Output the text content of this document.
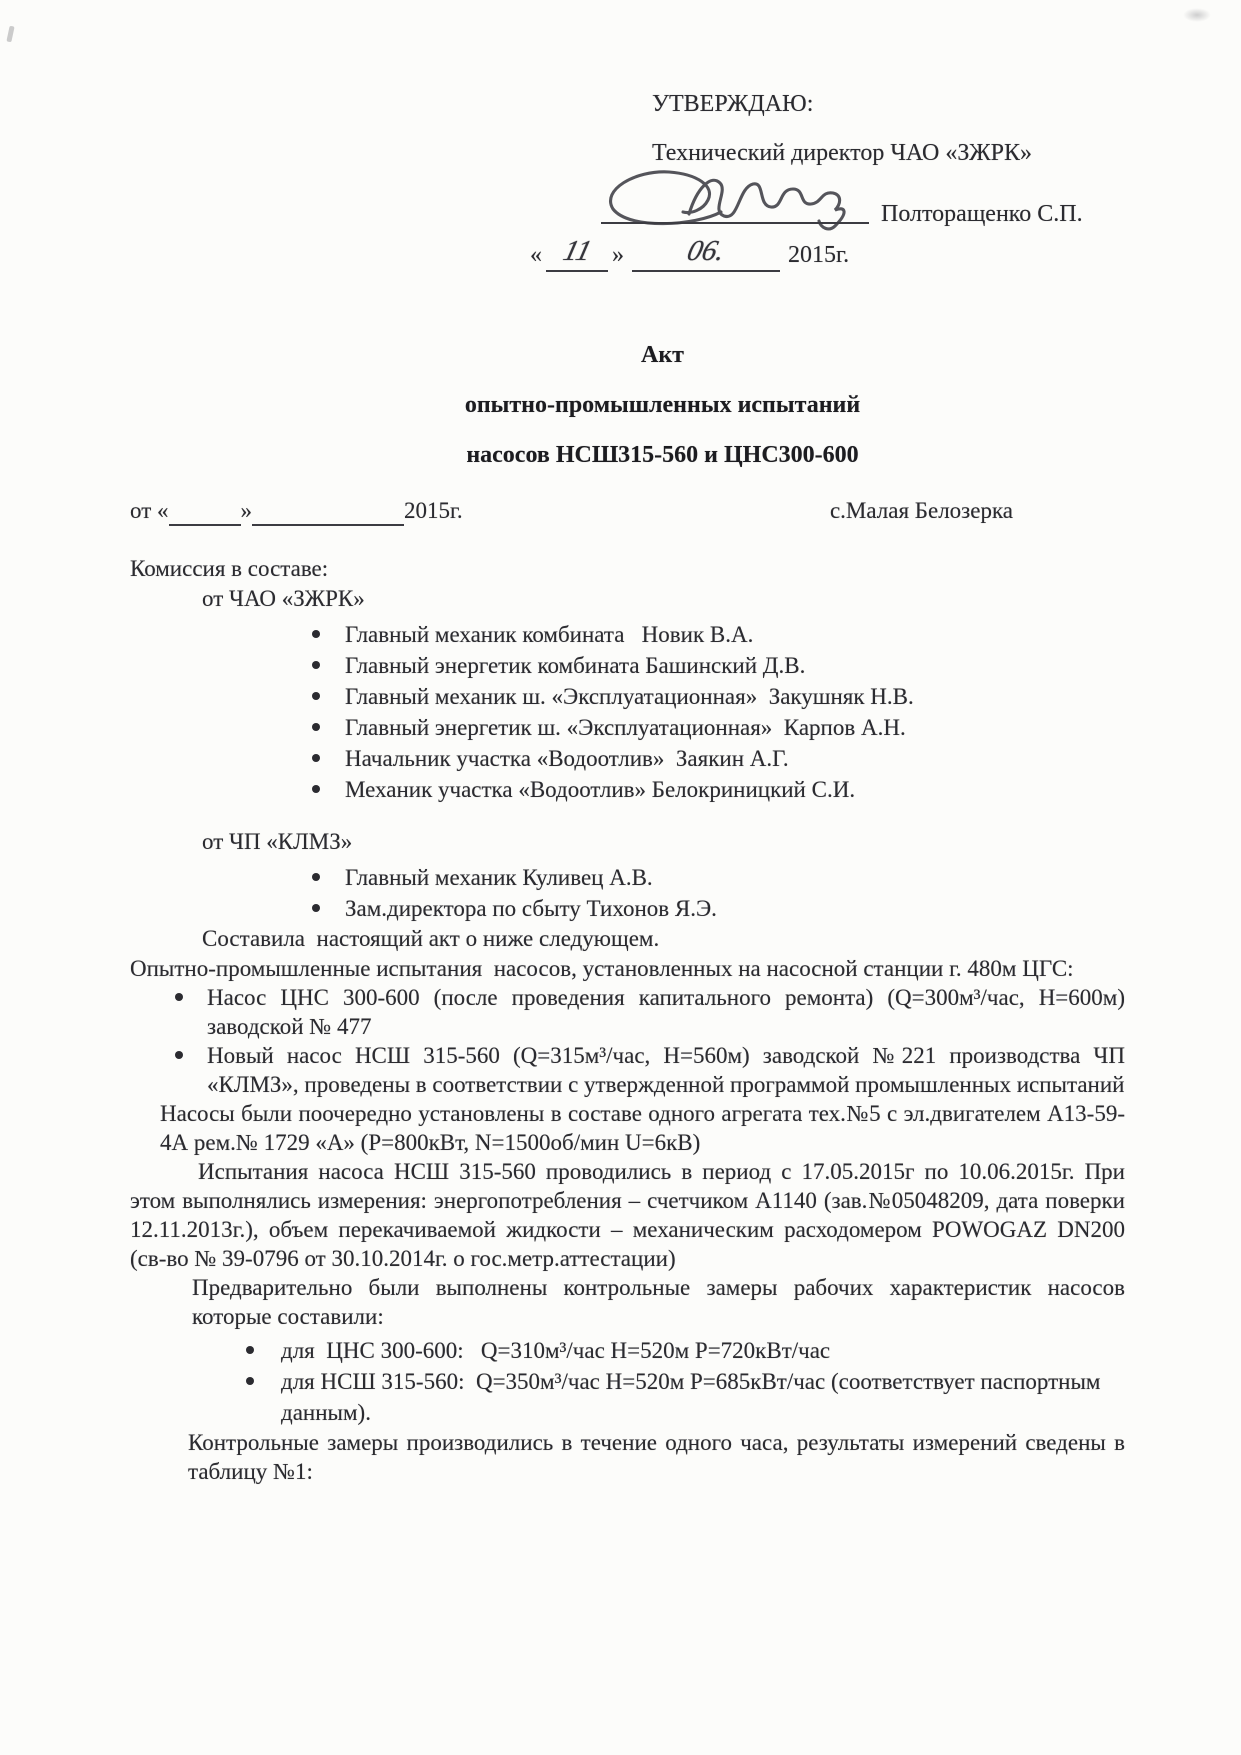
УТВЕРЖДАЮ:
Технический директор ЧАО «ЗЖРК»
Полторащенко С.П.
« 11 » 06. 2015г.
Акт
опытно-промышленных испытаний
насосов НСШ315-560 и ЦНС300-600
от «	»	2015г.	с.Малая Белозерка
Комиссия в составе:
от ЧАО «ЗЖРК»
Главный механик комбината   Новик В.А.
Главный энергетик комбината Башинский Д.В.
Главный механик ш. «Эксплуатационная»  Закушняк Н.В.
Главный энергетик ш. «Эксплуатационная»  Карпов А.Н.
Начальник участка «Водоотлив»  Заякин А.Г.
Механик участка «Водоотлив» Белокриницкий С.И.
от ЧП «КЛМЗ»
Главный механик Куливец А.В.
Зам.директора по сбыту Тихонов Я.Э.
Составила  настоящий акт о ниже следующем.

Опытно-промышленные испытания  насосов, установленных на насосной станции г. 480м ЦГС:

Насос ЦНС 300-600 (после проведения капитального ремонта) (Q=300м³/час, Н=600м) заводской № 477
Новый насос НСШ 315-560 (Q=315м³/час, Н=560м) заводской №221 производства ЧП «КЛМЗ», проведены в соответствии с утвержденной программой промышленных испытаний

Насосы были поочередно установлены в составе одного агрегата тех.№5 с эл.двигателем А13-59-4А рем.№ 1729 «А» (Р=800кВт, N=1500об/мин U=6кВ)

Испытания насоса НСШ 315-560 проводились в период с 17.05.2015г по 10.06.2015г. При этом выполнялись измерения: энергопотребления – счетчиком А1140 (зав.№05048209, дата поверки 12.11.2013г.), объем перекачиваемой жидкости – механическим расходомером POWOGAZ DN200 (св-во № 39-0796 от 30.10.2014г. о гос.метр.аттестации)

Предварительно были выполнены контрольные замеры рабочих характеристик насосов которые составили:

для  ЦНС 300-600:   Q=310м³/час Н=520м Р=720кВт/час
для НСШ 315-560:  Q=350м³/час Н=520м Р=685кВт/час (соответствует паспортным данным).

Контрольные замеры производились в течение одного часа, результаты измерений сведены в таблицу №1:
